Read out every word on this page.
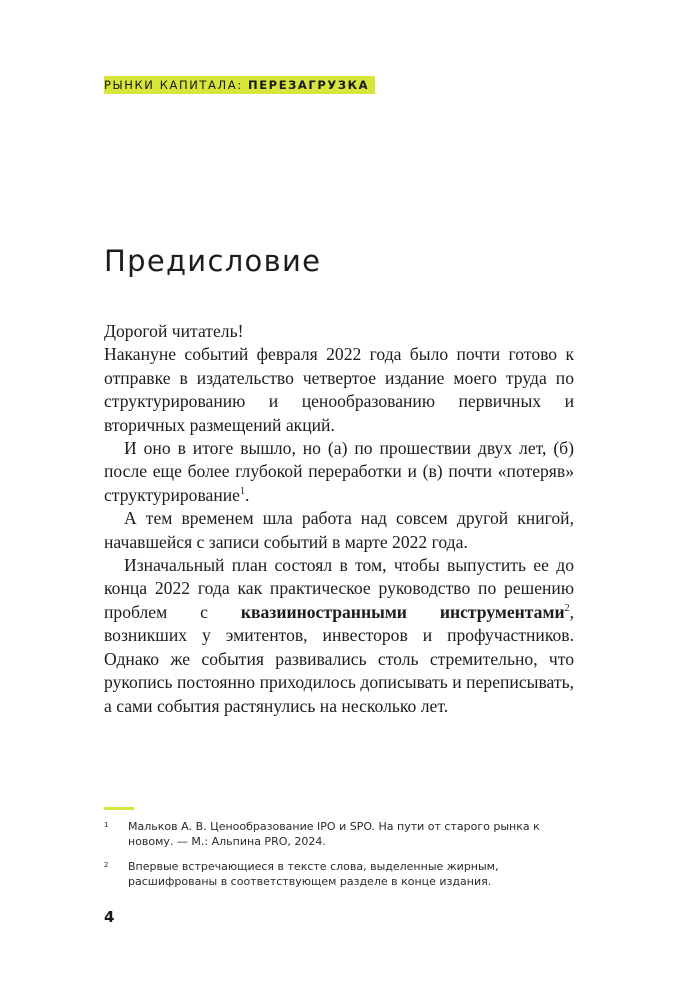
РЫНКИ КАПИТАЛА: ПЕРЕЗАГРУЗКА
Предисловие

Дорогой читатель!

Накануне событий февраля 2022 года было почти готово к отправке в издательство четвертое издание моего труда по структурированию и ценообразованию первичных и вторичных размещений акций.

И оно в итоге вышло, но (а) по прошествии двух лет, (б) после еще более глубокой переработки и (в) почти «потеряв» структурирование$^1$.

А тем временем шла работа над совсем другой книгой, начавшейся с записи событий в марте 2022 года.

Изначальный план состоял в том, чтобы выпустить ее до конца 2022 года как практическое руководство по решению проблем с квазииностранными инструментами$^2$, возникших у эмитентов, инвесторов и профучастников. Однако же события развивались столь стремительно, что рукопись постоянно приходилось дописывать и переписывать, а сами события растянулись на несколько лет.

1 Мальков А. В. Ценообразование IPO и SPO. На пути от старого рынка к новому. — М.: Альпина PRO, 2024.
2 Впервые встречающиеся в тексте слова, выделенные жирным, расшифрованы в соответствующем разделе в конце издания.
4
